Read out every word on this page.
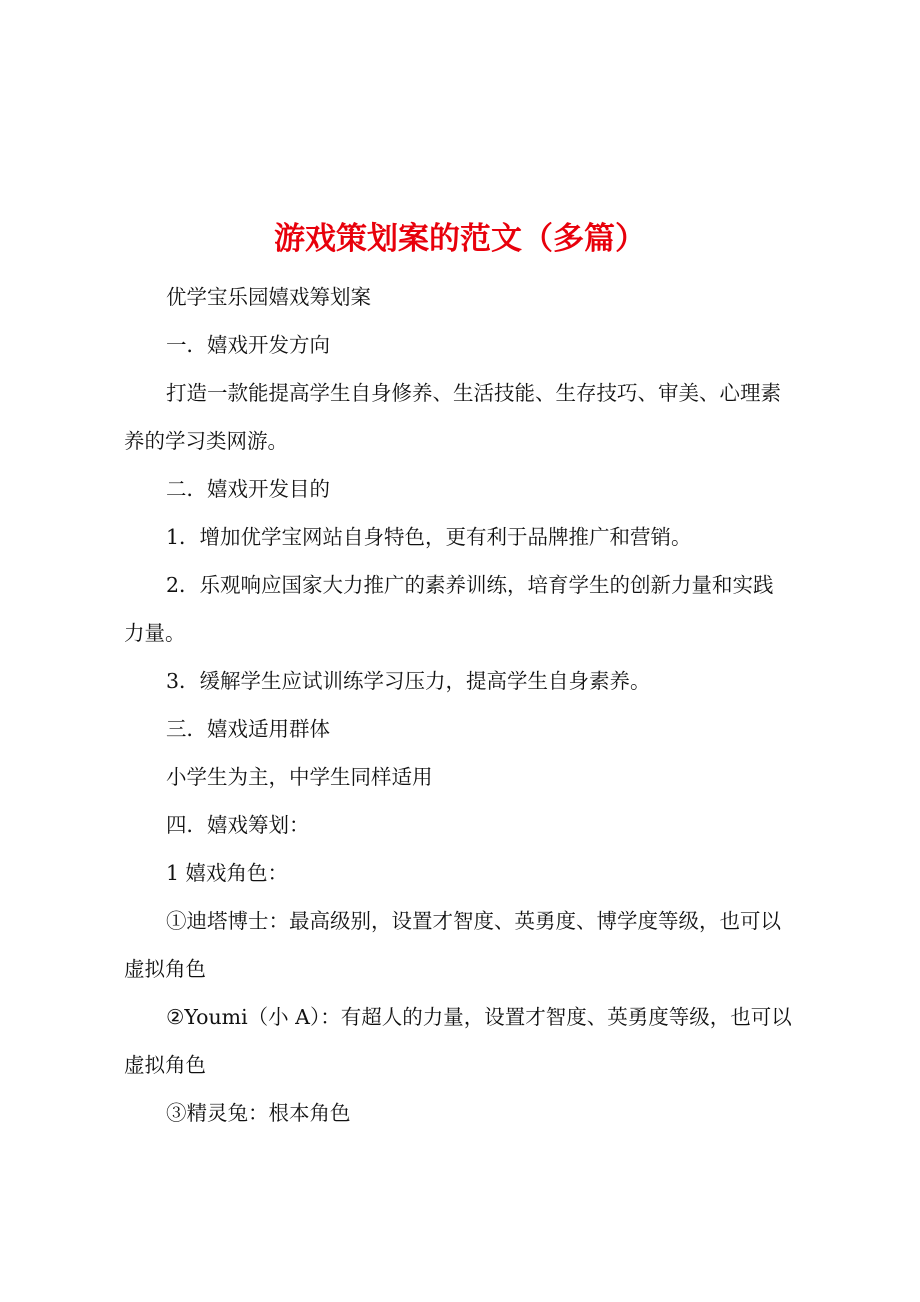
游戏策划案的范文（多篇）
优学宝乐园嬉戏筹划案
一．嬉戏开发方向
打造一款能提高学生自身修养、生活技能、生存技巧、审美、心理素
养的学习类网游。
二．嬉戏开发目的
1．增加优学宝网站自身特色，更有利于品牌推广和营销。
2．乐观响应国家大力推广的素养训练，培育学生的创新力量和实践
力量。
3．缓解学生应试训练学习压力，提高学生自身素养。
三．嬉戏适用群体
小学生为主，中学生同样适用
四．嬉戏筹划：
1 嬉戏角色：
①迪塔博士：最高级别，设置才智度、英勇度、博学度等级，也可以
虚拟角色
②Youmi（小 A）：有超人的力量，设置才智度、英勇度等级，也可以
虚拟角色
③精灵兔：根本角色
